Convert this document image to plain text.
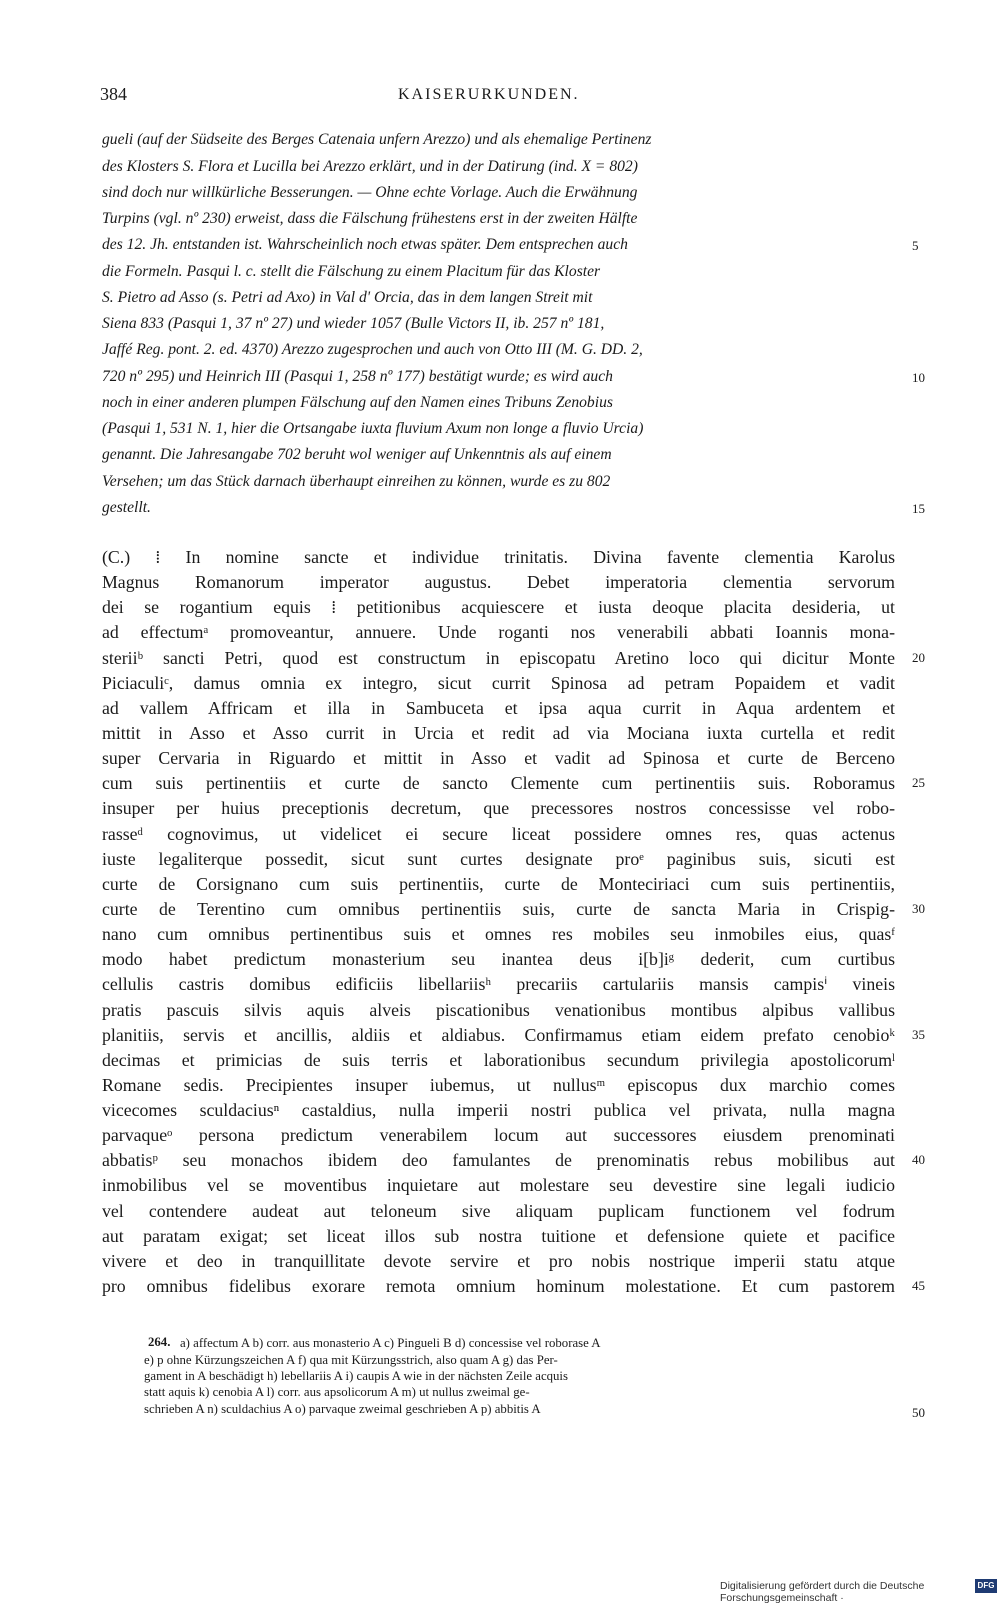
384	KAISERURKUNDEN.
gueli (auf der Südseite des Berges Catenaia unfern Arezzo) und als ehemalige Pertinenz
des Klosters S. Flora et Lucilla bei Arezzo erklärt, und in der Datirung (ind. X = 802)
sind doch nur willkürliche Besserungen. — Ohne echte Vorlage. Auch die Erwähnung
Turpins (vgl. nº 230) erweist, dass die Fälschung frühestens erst in der zweiten Hälfte
des 12. Jh. entstanden ist. Wahrscheinlich noch etwas später. Dem entsprechen auch
die Formeln. Pasqui l. c. stellt die Fälschung zu einem Placitum für das Kloster
S. Pietro ad Asso (s. Petri ad Axo) in Val d' Orcia, das in dem langen Streit mit
Siena 833 (Pasqui 1, 37 nº 27) und wieder 1057 (Bulle Victors II, ib. 257 nº 181,
Jaffé Reg. pont. 2. ed. 4370) Arezzo zugesprochen und auch von Otto III (M. G. DD. 2,
720 nº 295) und Heinrich III (Pasqui 1, 258 nº 177) bestätigt wurde; es wird auch
noch in einer anderen plumpen Fälschung auf den Namen eines Tribuns Zenobius
(Pasqui 1, 531 N. 1, hier die Ortsangabe iuxta fluvium Axum non longe a fluvio Urcia)
genannt. Die Jahresangabe 702 beruht wol weniger auf Unkenntnis als auf einem
Versehen; um das Stück darnach überhaupt einreihen zu können, wurde es zu 802
gestellt.
(C.) ⁞ In nomine sancte et individue trinitatis. Divina favente clementia Karolus
Magnus Romanorum imperator augustus. Debet imperatoria clementia servorum
dei se rogantium equis ⁞ petitionibus acquiescere et iusta deoque placita desideria, ut
ad effectumᵃ promoveantur, annuere. Unde roganti nos venerabili abbati Ioannis mona-
steriiᵇ sancti Petri, quod est constructum in episcopatu Aretino loco qui dicitur Monte
Piciaculiᶜ, damus omnia ex integro, sicut currit Spinosa ad petram Popaidem et vadit
ad vallem Affricam et illa in Sambuceta et ipsa aqua currit in Aqua ardentem et
mittit in Asso et Asso currit in Urcia et redit ad via Mociana iuxta curtella et redit
super Cervaria in Riguardo et mittit in Asso et vadit ad Spinosa et curte de Berceno
cum suis pertinentiis et curte de sancto Clemente cum pertinentiis suis. Roboramus
insuper per huius preceptionis decretum, que precessores nostros concessisse vel robo-
rasseᵈ cognovimus, ut videlicet ei secure liceat possidere omnes res, quas actenus
iuste legaliterque possedit, sicut sunt curtes designate proᵉ paginibus suis, sicuti est
curte de Corsignano cum suis pertinentiis, curte de Monteciriaci cum suis pertinentiis,
curte de Terentino cum omnibus pertinentiis suis, curte de sancta Maria in Crispig-
nano cum omnibus pertinentibus suis et omnes res mobiles seu inmobiles eius, quasᶠ
modo habet predictum monasterium seu inantea deus i[b]iᵍ dederit, cum curtibus
cellulis castris domibus edificiis libellariisʰ precariis cartulariis mansis campisⁱ vineis
pratis pascuis silvis aquis alveis piscationibus venationibus montibus alpibus vallibus
planitiis, servis et ancillis, aldiis et aldiabus. Confirmamus etiam eidem prefato cenobioᵏ
decimas et primicias de suis terris et laborationibus secundum privilegia apostolicorumˡ
Romane sedis. Precipientes insuper iubemus, ut nullusᵐ episcopus dux marchio comes
vicecomes sculdaciusⁿ castaldius, nulla imperii nostri publica vel privata, nulla magna
parvaqueᵒ persona predictum venerabilem locum aut successores eiusdem prenominati
abbatisᵖ seu monachos ibidem deo famulantes de prenominatis rebus mobilibus aut
inmobilibus vel se moventibus inquietare aut molestare seu devestire sine legali iudicio
vel contendere audeat aut teloneum sive aliquam puplicam functionem vel fodrum
aut paratam exigat; set liceat illos sub nostra tuitione et defensione quiete et pacifice
vivere et deo in tranquillitate devote servire et pro nobis nostrique imperii statu atque
pro omnibus fidelibus exorare remota omnium hominum molestatione. Et cum pastorem
264. a) affectum A b) corr. aus monasterio A c) Pingueli B d) concessise vel roborase A
e) p ohne Kürzungszeichen A f) qua mit Kürzungsstrich, also quam A g) das Per-
gament in A beschädigt h) lebellariis A i) caupis A wie in der nächsten Zeile acquis
statt aquis k) cenobia A l) corr. aus apsolicorum A m) ut nullus zweimal ge-
schrieben A n) sculdachius A o) parvaque zweimal geschrieben A p) abbitis A
5
10
15
20
25
30
35
40
45
50
Digitalisierung gefördert durch die Deutsche Forschungsgemeinschaft ·
DFG
